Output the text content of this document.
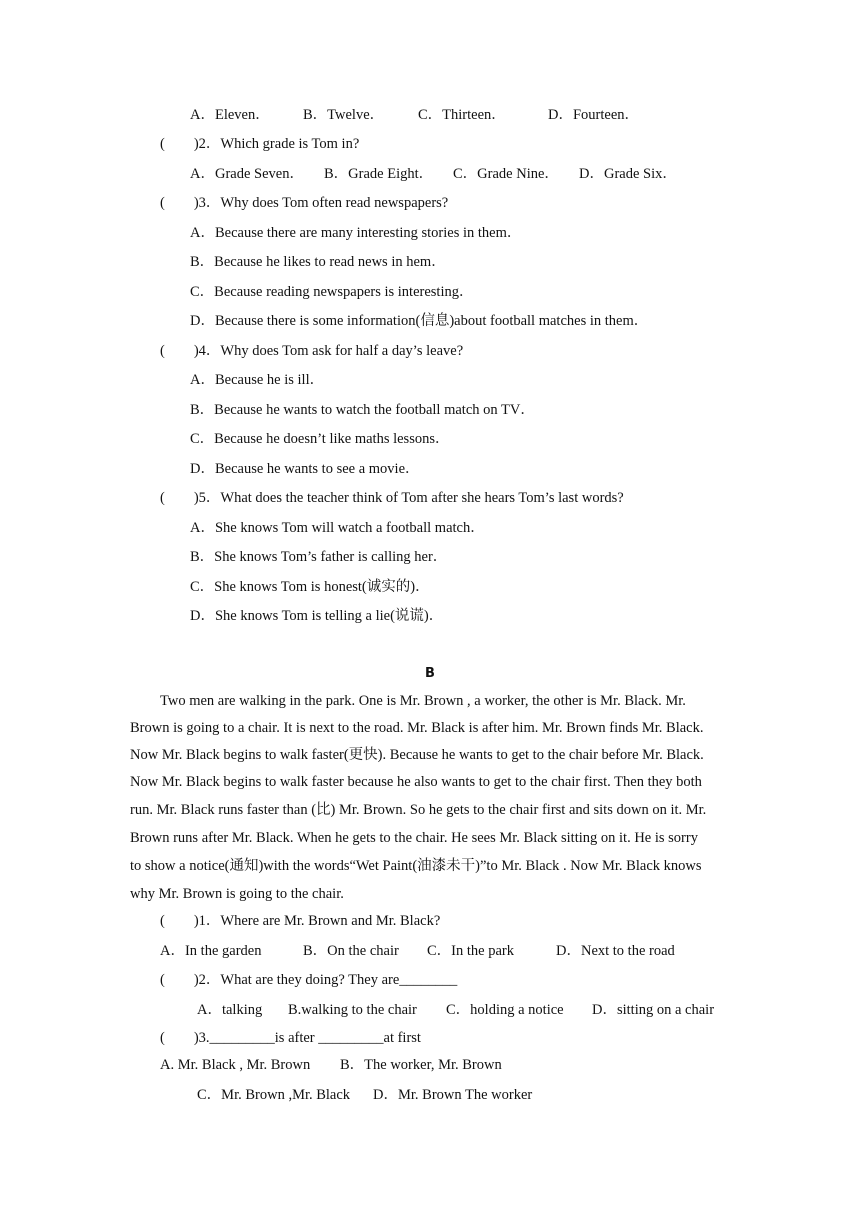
A．Eleven． B．Twelve． C．Thirteen．	D．Fourteen．
(　　)2．Which grade is Tom in?
A．Grade Seven． B．Grade Eight． C．Grade Nine． D．Grade Six．
(　　)3．Why does Tom often read newspapers?
A．Because there are many interesting stories in them．
B．Because he likes to read news in hem．
C．Because reading newspapers is interesting．
D．Because there is some information(信息)about football matches in them．
(　　)4．Why does Tom ask for half a day’s leave?
A．Because he is ill．
B．Because he wants to watch the football match on TV．
C．Because he doesn’t like maths lessons．
D．Because he wants to see a movie．
(　　)5．What does the teacher think of Tom after she hears Tom’s last words?
A．She knows Tom will watch a football match．
B．She knows Tom’s father is calling her．
C．She knows Tom is honest(诚实的)．
D．She knows Tom is telling a lie(说谎)．
B
Two men are walking in the park. One is Mr. Brown , a worker, the other is Mr. Black. Mr.
Brown is going to a chair. It is next to the road. Mr. Black is after him. Mr. Brown finds Mr. Black.
Now Mr. Black begins to walk faster(更快). Because he wants to get to the chair before Mr. Black.
Now Mr. Black begins to walk faster because he also wants to get to the chair first. Then they both
run. Mr. Black runs faster than (比) Mr. Brown. So he gets to the chair first and sits down on it. Mr.
Brown runs after Mr. Black. When he gets to the chair. He sees Mr. Black sitting on it. He is sorry
to show a notice(通知)with the words“Wet Paint(油漆未干)”to Mr. Black . Now Mr. Black knows
why Mr. Brown is going to the chair.
(　　)1．Where are Mr. Brown and Mr. Black?
A．In the garden	B．On the chair C．In the park	D．Next to the road
(　　)2．What are they doing? They are________
A．talking B.walking to the chair C．holding a notice D．sitting on a chair
(　　)3._________is after _________at first
A. Mr. Black , Mr. Brown B．The worker, Mr. Brown
C．Mr. Brown ,Mr. Black D．Mr. Brown The worker
